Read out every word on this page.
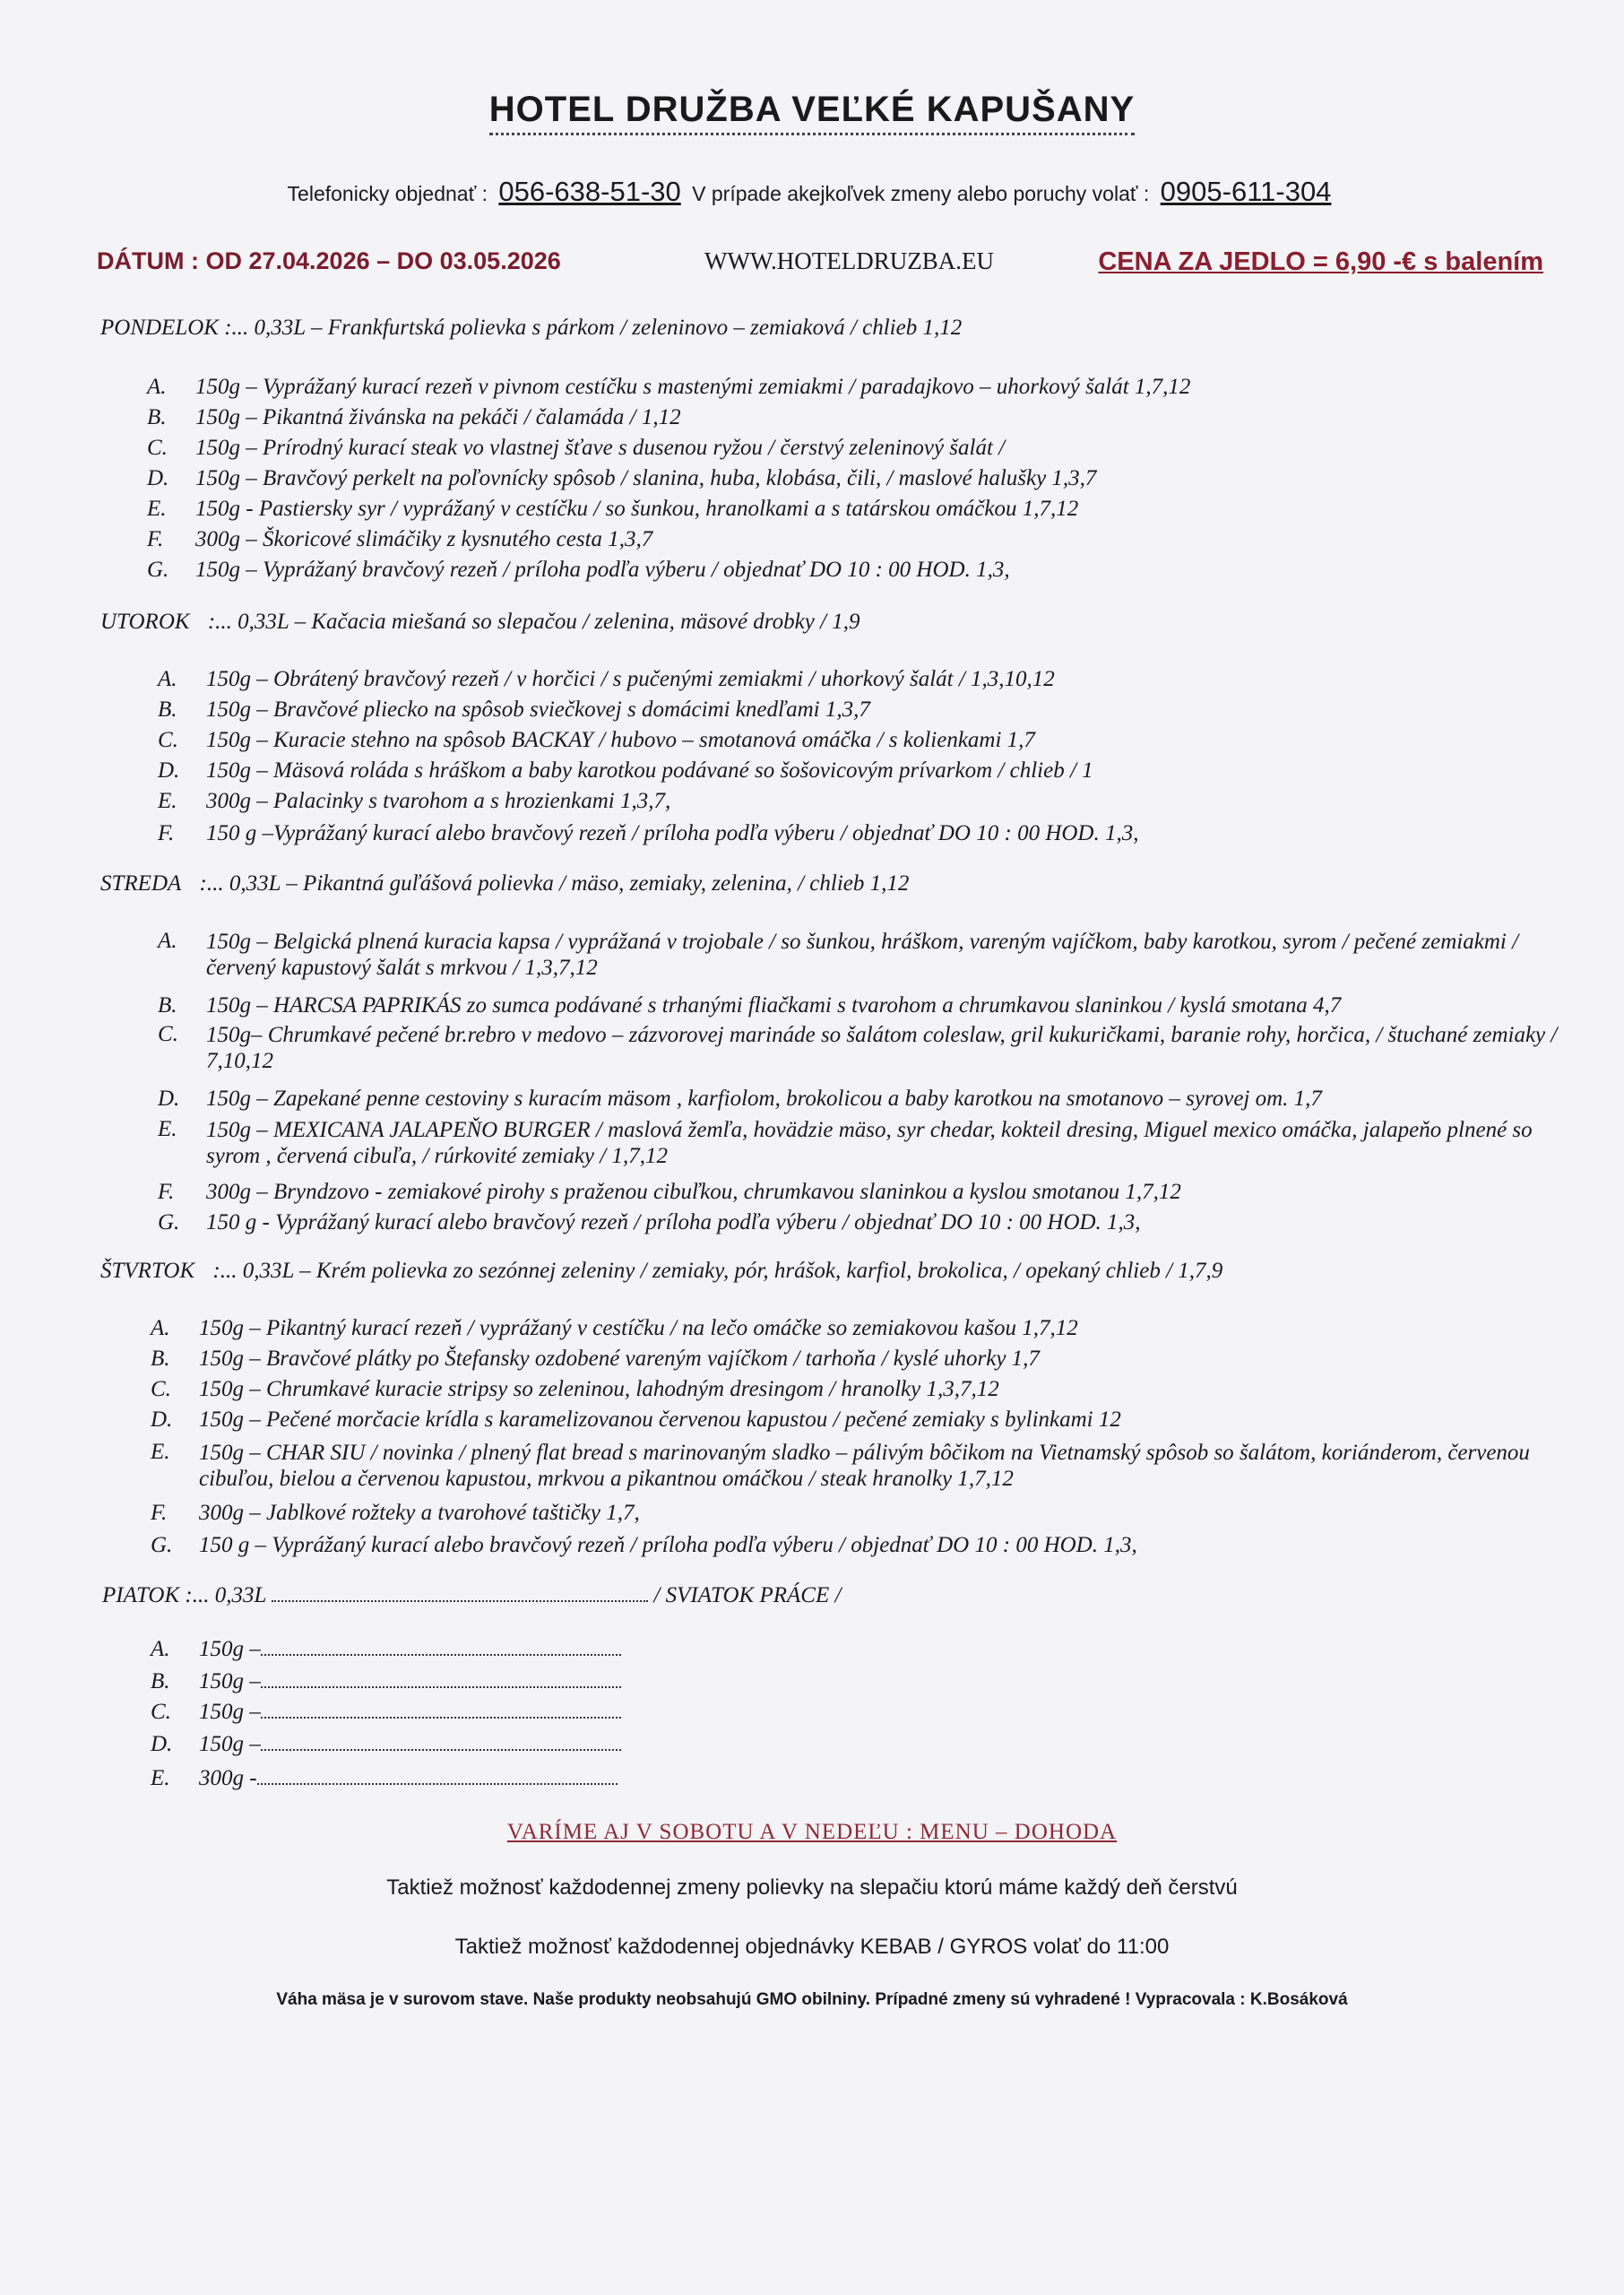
HOTEL DRUŽBA VEĽKÉ KAPUŠANY
Telefonicky objednať : 056-638-51-30 V prípade akejkoľvek zmeny alebo poruchy volať : 0905-611-304
DÁTUM : OD 27.04.2026 – DO 03.05.2026	WWW.HOTELDRUZBA.EU	CENA ZA JEDLO = 6,90 -€ s balením
PONDELOK :... 0,33L – Frankfurtská polievka s párkom / zeleninovo – zemiaková / chlieb 1,12
A. 150g – Vyprážaný kurací rezeň v pivnom cestíčku s mastenými zemiakmi / paradajkovo – uhorkový šalát 1,7,12
B. 150g – Pikantná živánska na pekáči / čalamáda / 1,12
C. 150g – Prírodný kurací steak vo vlastnej šťave s dusenou ryžou / čerstvý zeleninový šalát /
D. 150g – Bravčový perkelt na poľovnícky spôsob / slanina, huba, klobása, čili, / maslové halušky 1,3,7
E. 150g - Pastiersky syr / vyprážaný v cestíčku / so šunkou, hranolkami a s tatárskou omáčkou 1,7,12
F. 300g – Škoricové slimáčiky z kysnutého cesta 1,3,7
G. 150g – Vyprážaný bravčový rezeň / príloha podľa výberu / objednať DO 10 : 00 HOD. 1,3,
UTOROK :... 0,33L – Kačacia miešaná so slepačou / zelenina, mäsové drobky / 1,9
A. 150g – Obrátený bravčový rezeň / v horčici / s pučenými zemiakmi / uhorkový šalát / 1,3,10,12
B. 150g – Bravčové pliecko na spôsob sviečkovej s domácimi knedľami 1,3,7
C. 150g – Kuracie stehno na spôsob BACKAY / hubovo – smotanová omáčka / s kolienkami 1,7
D. 150g – Mäsová roláda s hráškom a baby karotkou podávané so šošovicovým prívarkom / chlieb / 1
E. 300g – Palacinky s tvarohom a s hrozienkami 1,3,7,
F. 150 g –Vyprážaný kurací alebo bravčový rezeň / príloha podľa výberu / objednať DO 10 : 00 HOD. 1,3,
STREDA :... 0,33L – Pikantná guľášová polievka / mäso, zemiaky, zelenina, / chlieb 1,12
A. 150g – Belgická plnená kuracia kapsa / vyprážaná v trojobale / so šunkou, hráškom, vareným vajíčkom, baby karotkou, syrom / pečené zemiakmi / červený kapustový šalát s mrkvou / 1,3,7,12
B. 150g – HARCSA PAPRIKÁS zo sumca podávané s trhanými fliačkami s tvarohom a chrumkavou slaninkou / kyslá smotana 4,7
C. 150g– Chrumkavé pečené br.rebro v medovo – zázvorovej marináde so šalátom coleslaw, gril kukuričkami, baranie rohy, horčica, / štuchané zemiaky / 7,10,12
D. 150g – Zapekané penne cestoviny s kuracím mäsom , karfiolom, brokolicou a baby karotkou na smotanovo – syrovej om. 1,7
E. 150g – MEXICANA JALAPEŇO BURGER / maslová žemľa, hovädzie mäso, syr chedar, kokteil dresing, Miguel mexico omáčka, jalapeňo plnené so syrom , červená cibuľa, / rúrkovité zemiaky / 1,7,12
F. 300g – Bryndzovo - zemiakové pirohy s praženou cibuľkou, chrumkavou slaninkou a kyslou smotanou 1,7,12
G. 150 g - Vyprážaný kurací alebo bravčový rezeň / príloha podľa výberu / objednať DO 10 : 00 HOD. 1,3,
ŠTVRTOK :... 0,33L – Krém polievka zo sezónnej zeleniny / zemiaky, pór, hrášok, karfiol, brokolica, / opekaný chlieb / 1,7,9
A. 150g – Pikantný kurací rezeň / vyprážaný v cestíčku / na lečo omáčke so zemiakovou kašou 1,7,12
B. 150g – Bravčové plátky po Štefansky ozdobené vareným vajíčkom / tarhoňa / kyslé uhorky 1,7
C. 150g – Chrumkavé kuracie stripsy so zeleninou, lahodným dresingom / hranolky 1,3,7,12
D. 150g – Pečené morčacie krídla s karamelizovanou červenou kapustou / pečené zemiaky s bylinkami 12
E. 150g – CHAR SIU / novinka / plnený flat bread s marinovaným sladko – pálivým bôčikom na Vietnamský spôsob so šalátom, koriánderom, červenou cibuľou, bielou a červenou kapustou, mrkvou a pikantnou omáčkou / steak hranolky 1,7,12
F. 300g – Jablkové rožteky a tvarohové taštičky 1,7,
G. 150 g – Vyprážaný kurací alebo bravčový rezeň / príloha podľa výberu / objednať DO 10 : 00 HOD. 1,3,
PIATOK :... 0,33L	/ SVIATOK PRÁCE /
A. 150g –
B. 150g –
C. 150g –
D. 150g –
E. 300g -
VARÍME AJ V SOBOTU A V NEDEĽU : MENU – DOHODA
Taktiež možnosť každodennej zmeny polievky na slepačiu ktorú máme každý deň čerstvú
Taktiež možnosť každodennej objednávky KEBAB / GYROS volať do 11:00
Váha mäsa je v surovom stave. Naše produkty neobsahujú GMO obilniny. Prípadné zmeny sú vyhradené ! Vypracovala : K.Bosáková
